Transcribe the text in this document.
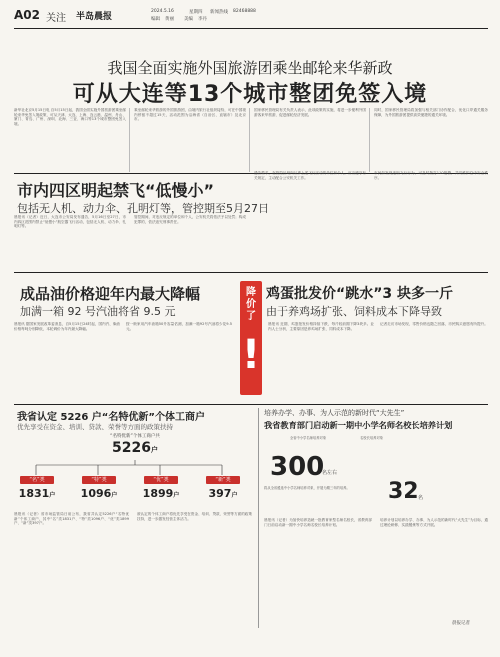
A02 关注 半岛晨报
2024.5.16	星期四 新闻热线 82468888
编辑 黄丽 美编 李丹
我国全面实施外国旅游团乘坐邮轮来华新政
可从大连等13个城市整团免签入境
新华社北京5月15日电 自5月15日起，我国全面实施外国旅游团乘坐邮轮来华免签入境政策，可从天津、大连、上海、连云港、温州、舟山、厦门、青岛、广州、深圳、北海、三亚、海口等13个城市整团免签入境。
乘坐邮轮来华旅游的外国旅游团，由境内旅行社组织接待，可在中国境内停留不超过15天，活动范围为沿海省（自治区、直辖市）及北京市。
国家移民管理局有关负责人表示，此项政策的实施，将进一步便利外国游客来华旅游，促进邮轮经济发展。
同时，国家移民管理局将加强与相关部门协作配合，优化口岸通关服务保障，为外国旅游团提供高效便捷的通关环境。
市内四区明起禁飞“低慢小”
包括无人机、动力伞、孔明灯等，管控期至5月27日
晨报讯（记者）近日，大连市公安局发布通告，5月16日至27日，市内四区范围内禁止“低慢小”航空器飞行活动，包括无人机、动力伞、孔明灯等。
管控期间，对违反规定的单位和个人，公安机关将依法予以处罚；构成犯罪的，依法追究刑事责任。
通告要求，在管控区域内从事上述飞行活动的单位和个人，应当遵守有关规定，主动配合公安机关工作。
市民如发现违规飞行行为，可及时拨打110报警，共同维护空中安全秩序。
成品油价格迎年内最大降幅
加满一箱 92 号汽油将省 9.5 元
晨报讯 据国家发展改革委消息，自5月15日24时起，国内汽、柴油价格每吨分别降低，本轮调价为年内最大降幅。
按一般家用汽车油箱50升容量估测，加满一箱92号汽油将少花9.5元。
降价了
!
鸡蛋批发价“跳水”3 块多一斤
由于养鸡场扩张、饲料成本下降导致
晨报讯 近期，鸡蛋批发价格持续下跌，每斤较前期下降3块多。业内人士分析，主要原因是养鸡场扩张、饲料成本下降。
记者走访市场发现，零售价格也随之回落，市民购买意愿有所提升。
我省认定 5226 户“名特优新”个体工商户
优先享受在资金、培训、贷款、荣誉等方面的政策扶持
“名特优新”个体工商户共
5226户
“名”类
1831户
“特”类
1096户
“优”类
1899户
“新”类
397户
晨报讯（记者）省市场监管局日前公布，我省共认定5226户“名特优新”个体工商户，其中“名”类1831户、“特”类1096户、“优”类1899户、“新”类397户。
被认定的个体工商户将优先享受在资金、培训、贷款、荣誉等方面的政策扶持，进一步激发经营主体活力。
培养办学、办事、为人示范的新时代“大先生”
我省教育部门启动新一期中小学名师名校长培养计划
全省中小学名师培养对象
300
名左右
将从全省遴选中小学名师培养对象，开展为期三年的培养。
名校长培养对象
32 名
晨报讯（记者）为加快培养造就一批教育家型名师名校长，省教育部门日前启动新一期中小学名师名校长培养计划。
培养计划以培养办学、办事、为人示范的新时代“大先生”为目标，通过理论研修、实践锻炼等方式开展。
晨报记者
